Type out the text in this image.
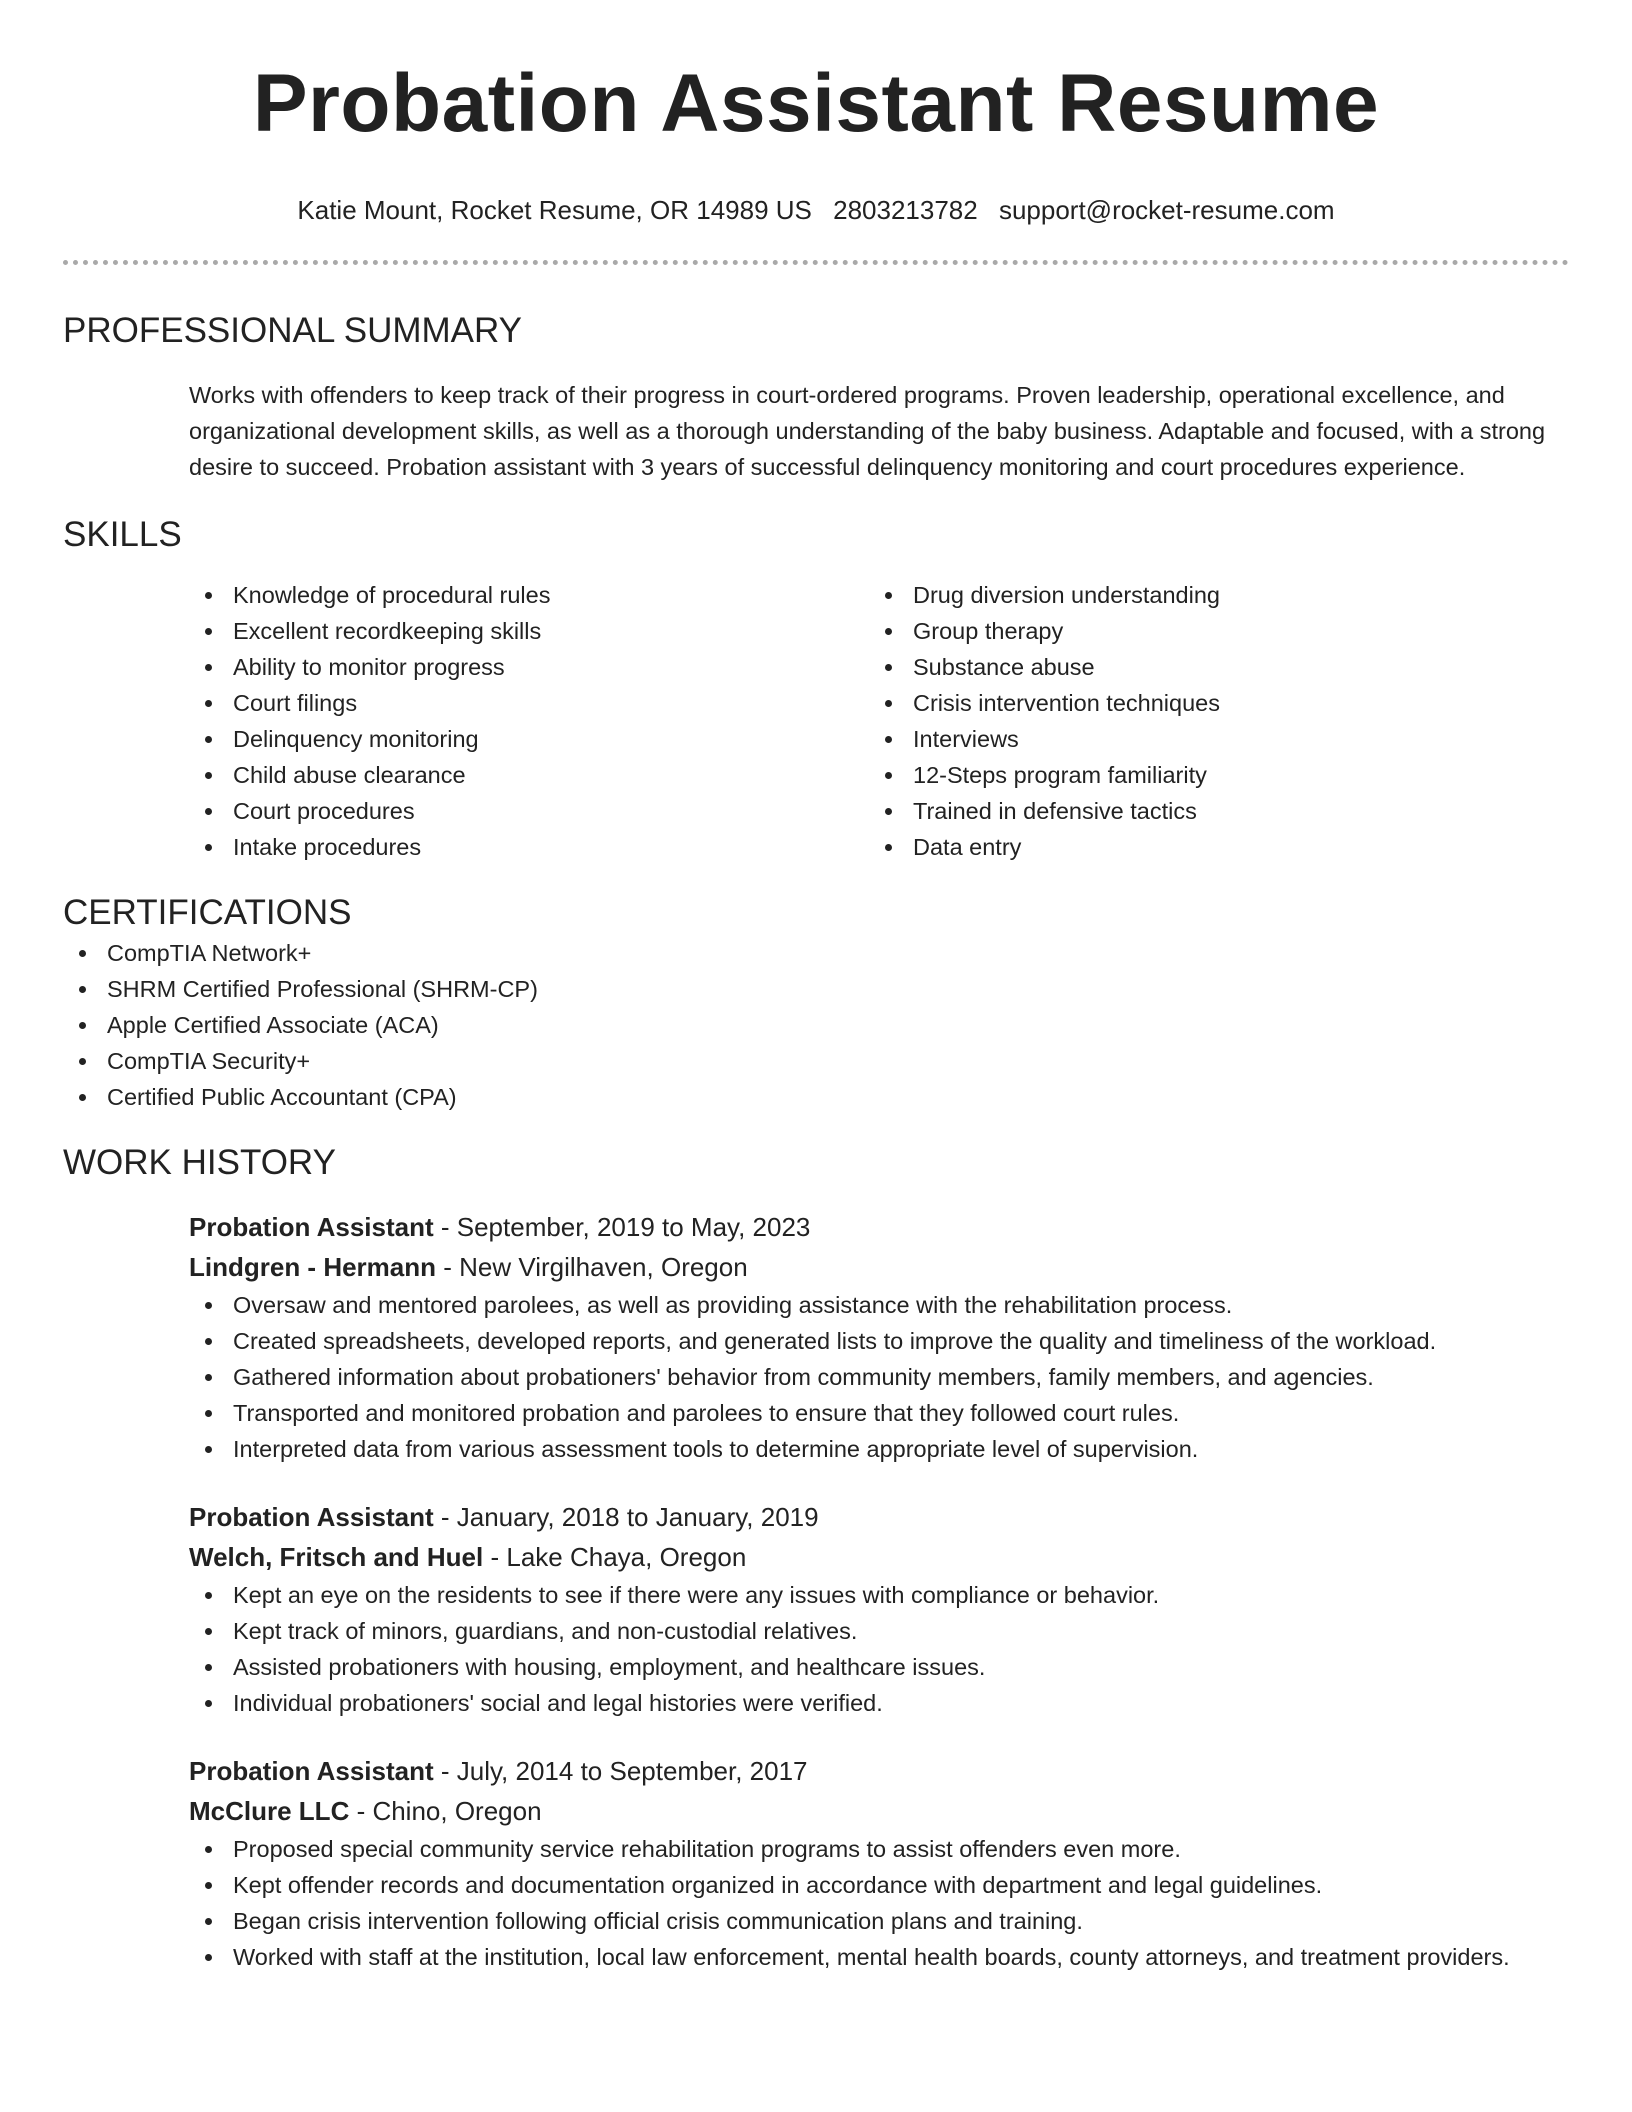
Probation Assistant Resume
Katie Mount, Rocket Resume, OR 14989 US 2803213782 support@rocket-resume.com
PROFESSIONAL SUMMARY

Works with offenders to keep track of their progress in court-ordered programs. Proven leadership, operational excellence, and organizational development skills, as well as a thorough understanding of the baby business. Adaptable and focused, with a strong desire to succeed. Probation assistant with 3 years of successful delinquency monitoring and court procedures experience.

SKILLS
Knowledge of procedural rules
Excellent recordkeeping skills
Ability to monitor progress
Court filings
Delinquency monitoring
Child abuse clearance
Court procedures
Intake procedures
Drug diversion understanding
Group therapy
Substance abuse
Crisis intervention techniques
Interviews
12-Steps program familiarity
Trained in defensive tactics
Data entry
CERTIFICATIONS
CompTIA Network+
SHRM Certified Professional (SHRM-CP)
Apple Certified Associate (ACA)
CompTIA Security+
Certified Public Accountant (CPA)
WORK HISTORY
Probation Assistant - September, 2019 to May, 2023
Lindgren - Hermann - New Virgilhaven, Oregon
Oversaw and mentored parolees, as well as providing assistance with the rehabilitation process.
Created spreadsheets, developed reports, and generated lists to improve the quality and timeliness of the workload.
Gathered information about probationers' behavior from community members, family members, and agencies.
Transported and monitored probation and parolees to ensure that they followed court rules.
Interpreted data from various assessment tools to determine appropriate level of supervision.
Probation Assistant - January, 2018 to January, 2019
Welch, Fritsch and Huel - Lake Chaya, Oregon
Kept an eye on the residents to see if there were any issues with compliance or behavior.
Kept track of minors, guardians, and non-custodial relatives.
Assisted probationers with housing, employment, and healthcare issues.
Individual probationers' social and legal histories were verified.
Probation Assistant - July, 2014 to September, 2017
McClure LLC - Chino, Oregon
Proposed special community service rehabilitation programs to assist offenders even more.
Kept offender records and documentation organized in accordance with department and legal guidelines.
Began crisis intervention following official crisis communication plans and training.
Worked with staff at the institution, local law enforcement, mental health boards, county attorneys, and treatment providers.
